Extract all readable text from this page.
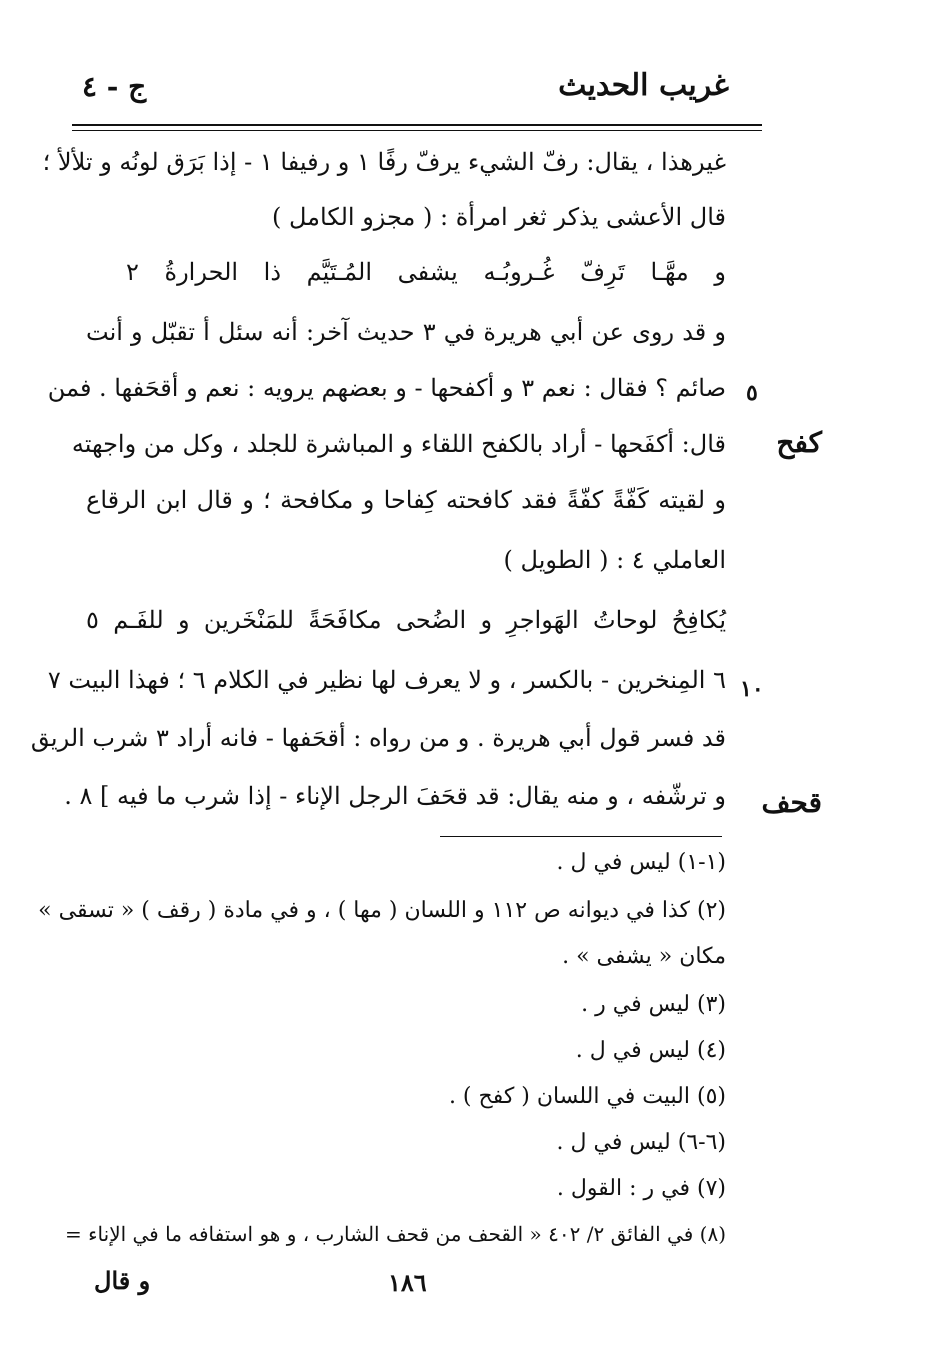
غريب الحديث
ج - ٤
غيرهذا ، يقال: رفّ الشيء يرفّ رفًا ١ و رفيفا ١ - إذا بَرَق لونُه و تلألأ ؛
قال الأعشى يذكر ثغر امرأة : ( مجزو الكامل )
و مهَّـا تَرِفّ غُـروبُـه يشفى المُـتَيَّم ذا الحرارةُ ٢
و قد روى عن أبي هريرة في ٣ حديث آخر: أنه سئل أ تقبّل و أنت
صائم ؟ فقال : نعم ٣ و أكفحها - و بعضهم يرويه : نعم و أقحَفها . فمن
قال: أكفَحها - أراد بالكفح اللقاء و المباشرة للجلد ، وكل من واجهته
و لقيته كَفّةً كفّةً فقد كافحته كِفاحا و مكافحة ؛ و قال ابن الرقاع
العاملي ٤ : ( الطويل )
يُكافِحُ لوحاتُ الهَواجرِ و الضُحى مكافَحَةً للمَنْخَرين و للفَـم ٥
٦ المِنخرين - بالكسر ، و لا يعرف لها نظير في الكلام ٦ ؛ فهذا البيت ٧
قد فسر قول أبي هريرة . و من رواه : أقحَفها - فانه أراد ٣ شرب الريق
و ترشّفه ، و منه يقال: قد قحَفَ الرجل الإناء - إذا شرب ما فيه ] ٨ .
٥
١٠
كفح
قحف
(١-١) ليس في ل .
(٢) كذا في ديوانه ص ١١٢ و اللسان ( مها ) ، و في مادة ( رقف ) « تسقى »
مكان « يشفى » .
(٣) ليس في ر .
(٤) ليس في ل .
(٥) البيت في اللسان ( كفح ) .
(٦-٦) ليس في ل .
(٧) في ر : القول .
(٨) في الفائق ٢/ ٤٠٢ « القحف من قحف الشارب ، و هو استفافه ما في الإناء =
١٨٦
و قال
